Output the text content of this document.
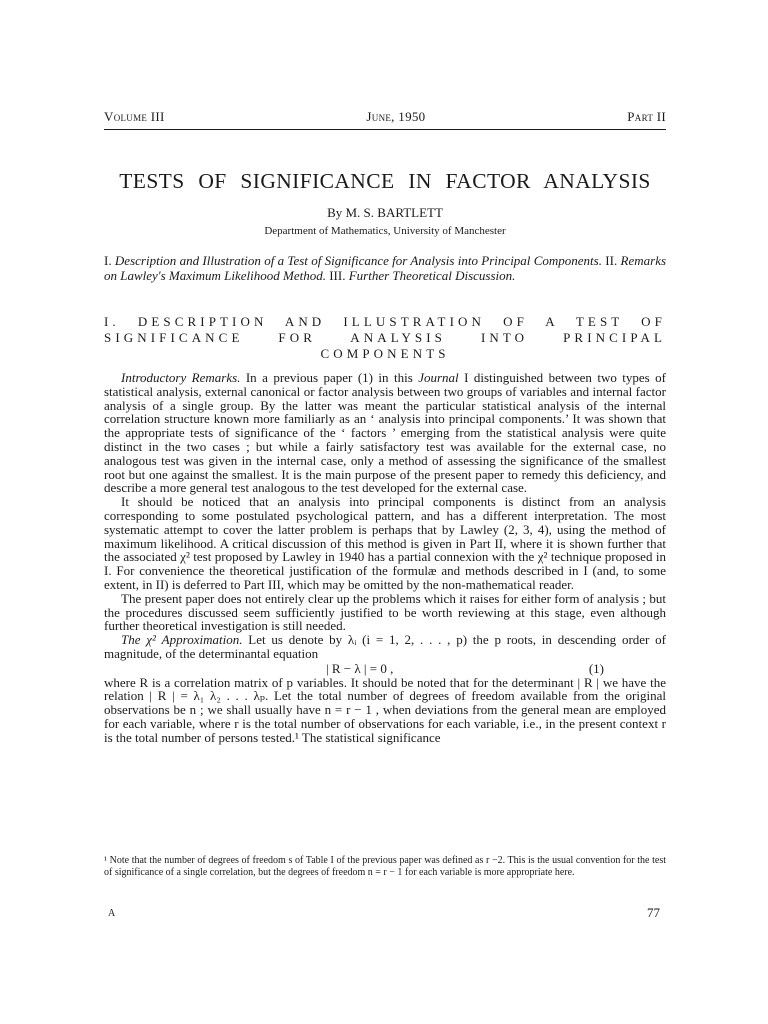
Volume III	June, 1950	Part II
TESTS OF SIGNIFICANCE IN FACTOR ANALYSIS
By M. S. BARTLETT
Department of Mathematics, University of Manchester
I. Description and Illustration of a Test of Significance for Analysis into Principal Components. II. Remarks on Lawley's Maximum Likelihood Method. III. Further Theoretical Discussion.
I. DESCRIPTION AND ILLUSTRATION OF A TEST OF SIGNIFICANCE FOR ANALYSIS INTO PRINCIPAL COMPONENTS

Introductory Remarks. In a previous paper (1) in this Journal I distinguished between two types of statistical analysis, external canonical or factor analysis between two groups of variables and internal factor analysis of a single group. By the latter was meant the particular statistical analysis of the internal correlation structure known more familiarly as an ‘ analysis into principal components.’ It was shown that the appropriate tests of significance of the ‘ factors ’ emerging from the statistical analysis were quite distinct in the two cases ; but while a fairly satisfactory test was available for the external case, no analogous test was given in the internal case, only a method of assessing the significance of the smallest root but one against the smallest. It is the main purpose of the present paper to remedy this deficiency, and describe a more general test analogous to the test developed for the external case.

It should be noticed that an analysis into principal components is distinct from an analysis corresponding to some postulated psychological pattern, and has a different interpretation. The most systematic attempt to cover the latter problem is perhaps that by Lawley (2, 3, 4), using the method of maximum likelihood. A critical discussion of this method is given in Part II, where it is shown further that the associated χ² test proposed by Lawley in 1940 has a partial connexion with the χ² technique proposed in I. For convenience the theoretical justification of the formulæ and methods described in I (and, to some extent, in II) is deferred to Part III, which may be omitted by the non-mathematical reader.

The present paper does not entirely clear up the problems which it raises for either form of analysis ; but the procedures discussed seem sufficiently justified to be worth reviewing at this stage, even although further theoretical investigation is still needed.

The χ² Approximation. Let us denote by λᵢ (i = 1, 2, . . . , p) the p roots, in descending order of magnitude, of the determinantal equation

| R − λ | = 0 ,	(1)

where R is a correlation matrix of p variables. It should be noted that for the determinant | R | we have the relation | R | = λ₁ λ₂ . . . λₚ. Let the total number of degrees of freedom available from the original observations be n ; we shall usually have n = r − 1 , when deviations from the general mean are employed for each variable, where r is the total number of observations for each variable, i.e., in the present context r is the total number of persons tested.¹ The statistical significance

¹ Note that the number of degrees of freedom s of Table I of the previous paper was defined as r −2. This is the usual convention for the test of significance of a single correlation, but the degrees of freedom n = r − 1 for each variable is more appropriate here.
A	77
